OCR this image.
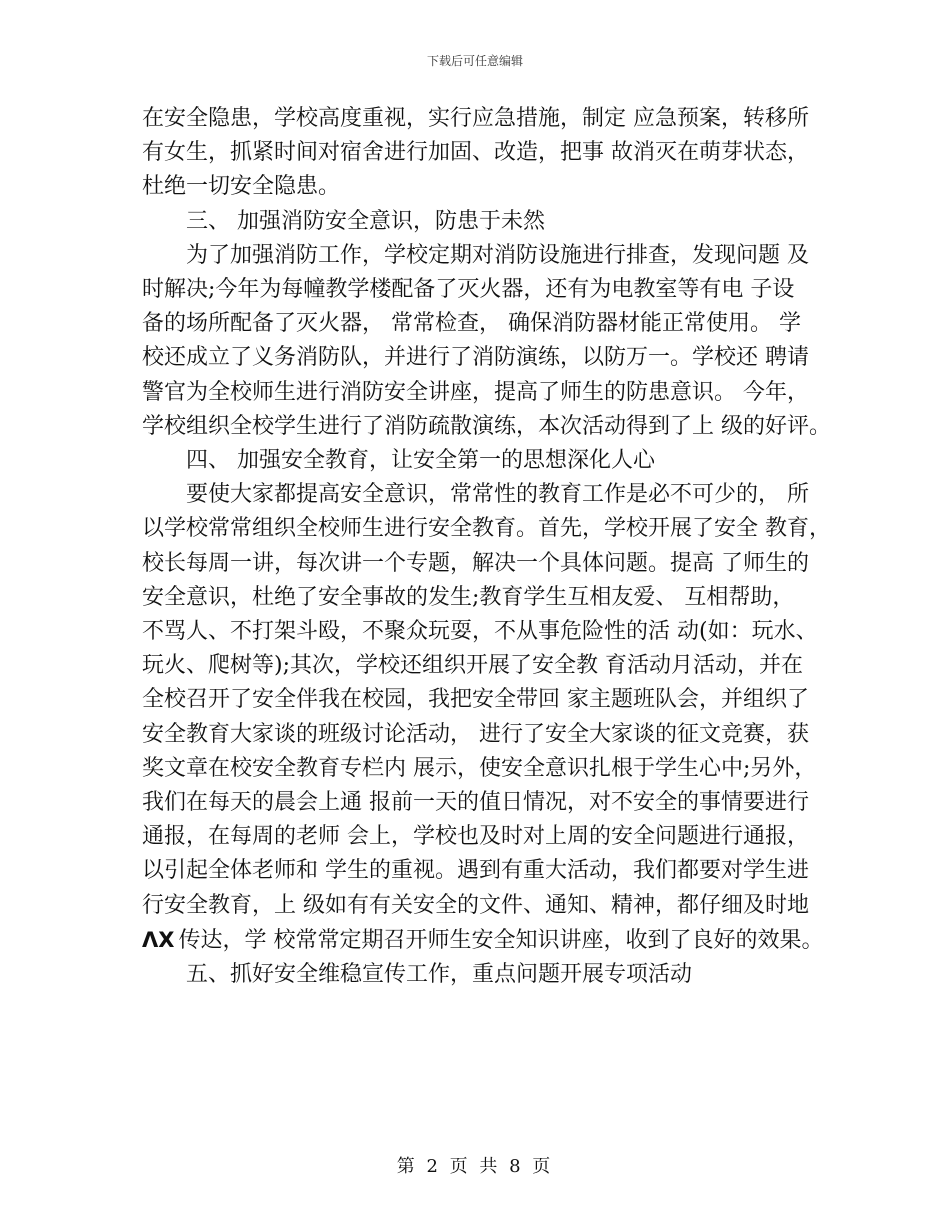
下载后可任意编辑
在安全隐患，学校高度重视，实行应急措施，制定 应急预案，转移所
有女生，抓紧时间对宿舍进行加固、改造，把事 故消灭在萌芽状态，
杜绝一切安全隐患。
三、 加强消防安全意识，防患于未然
为了加强消防工作，学校定期对消防设施进行排查，发现问题 及
时解决;今年为每幢教学楼配备了灭火器，还有为电教室等有电 子设
备的场所配备了灭火器， 常常检查， 确保消防器材能正常使用。 学
校还成立了义务消防队，并进行了消防演练，以防万一。学校还 聘请
警官为全校师生进行消防安全讲座，提高了师生的防患意识。 今年，
学校组织全校学生进行了消防疏散演练，本次活动得到了上 级的好评。
四、 加强安全教育，让安全第一的思想深化人心
要使大家都提高安全意识，常常性的教育工作是必不可少的， 所
以学校常常组织全校师生进行安全教育。首先，学校开展了安全 教育，
校长每周一讲，每次讲一个专题，解决一个具体问题。提高 了师生的
安全意识，杜绝了安全事故的发生;教育学生互相友爱、 互相帮助，
不骂人、不打架斗殴，不聚众玩耍，不从事危险性的活 动(如：玩水、
玩火、爬树等);其次，学校还组织开展了安全教 育活动月活动，并在
全校召开了安全伴我在校园，我把安全带回 家主题班队会，并组织了
安全教育大家谈的班级讨论活动， 进行了安全大家谈的征文竞赛，获
奖文章在校安全教育专栏内 展示，使安全意识扎根于学生心中;另外，
我们在每天的晨会上通 报前一天的值日情况，对不安全的事情要进行
通报，在每周的老师 会上，学校也及时对上周的安全问题进行通报，
以引起全体老师和 学生的重视。遇到有重大活动，我们都要对学生进
行安全教育，上 级如有有关安全的文件、通知、精神，都仔细及时地
ΛX 传达，学 校常常定期召开师生安全知识讲座，收到了良好的效果。
五、抓好安全维稳宣传工作，重点问题开展专项活动
第 2 页 共 8 页
